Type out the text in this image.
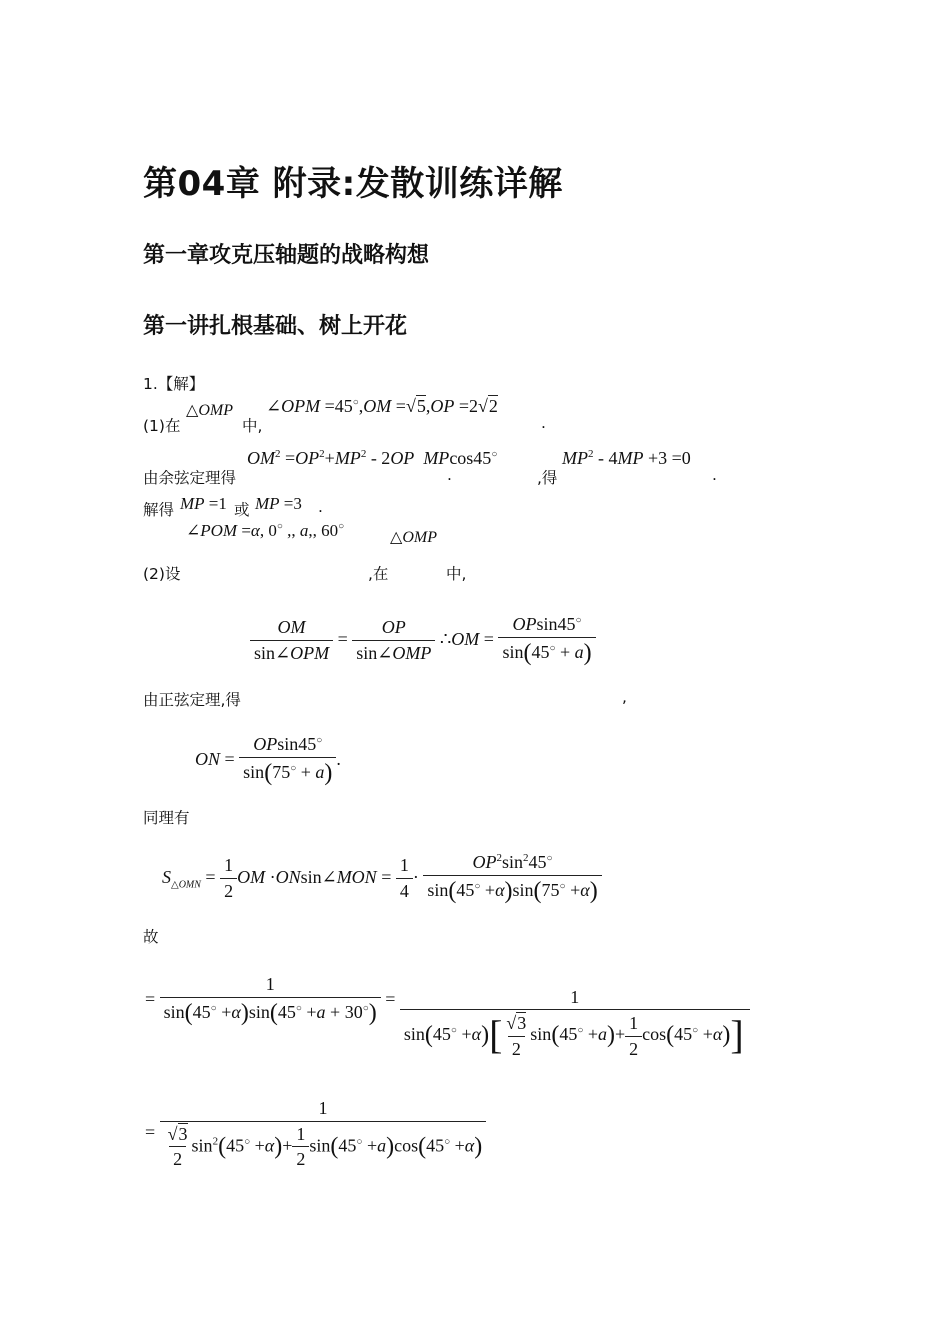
第04章 附录:发散训练详解
第一章攻克压轴题的战略构想
第一讲扎根基础、树上开花
1.【解】
(1)在
△OMP
中,
∠OPM =45○,OM =√5,OP =2√2
.
$OM^2 =OP^2+MP^2 - 2OP$ MPcos45○
由余弦定理得	.	,得
$MP^2 - 4MP +3 =0$
.
解得 MP =1 或 MP =3 .
∠POM =α, 0○ ,, a,, 60○
△OMP
(2)设	,在	中,
$\frac{OM}{\text{sin∠OPM}} = \frac{OP}{\text{sin∠OMP}}$ ∴OM = $\frac{OPsin45^○}{\sin(45^○ + a)}$
由正弦定理,得	,
ON = $\frac{OPsin45^○}{\sin(75^○ + a)}$ .
同理有
$S_{\triangle OMN} = \frac{1}{2}$ OM ·ONsin∠MON = $\frac{1}{4} \cdot \frac{OP^2\sin^245^○}{\sin(45^○ +\alpha)\sin(75^○ +\alpha)}$
故
= $\frac{1}{\sin(45^○ +\alpha)\sin(45^○ +a + 30^○)} = \frac{1}{\sin(45^○ +\alpha)[ \frac{√3}{2} \sin(45^○ +a)+ \frac{1}{2} \cos(45^○ +\alpha)]}$
= $\frac{1}{\frac{√3}{2} \sin^2(45^○ +\alpha)+ \frac{1}{2} \sin(45^○ +a)\cos(45^○ +\alpha)}$
